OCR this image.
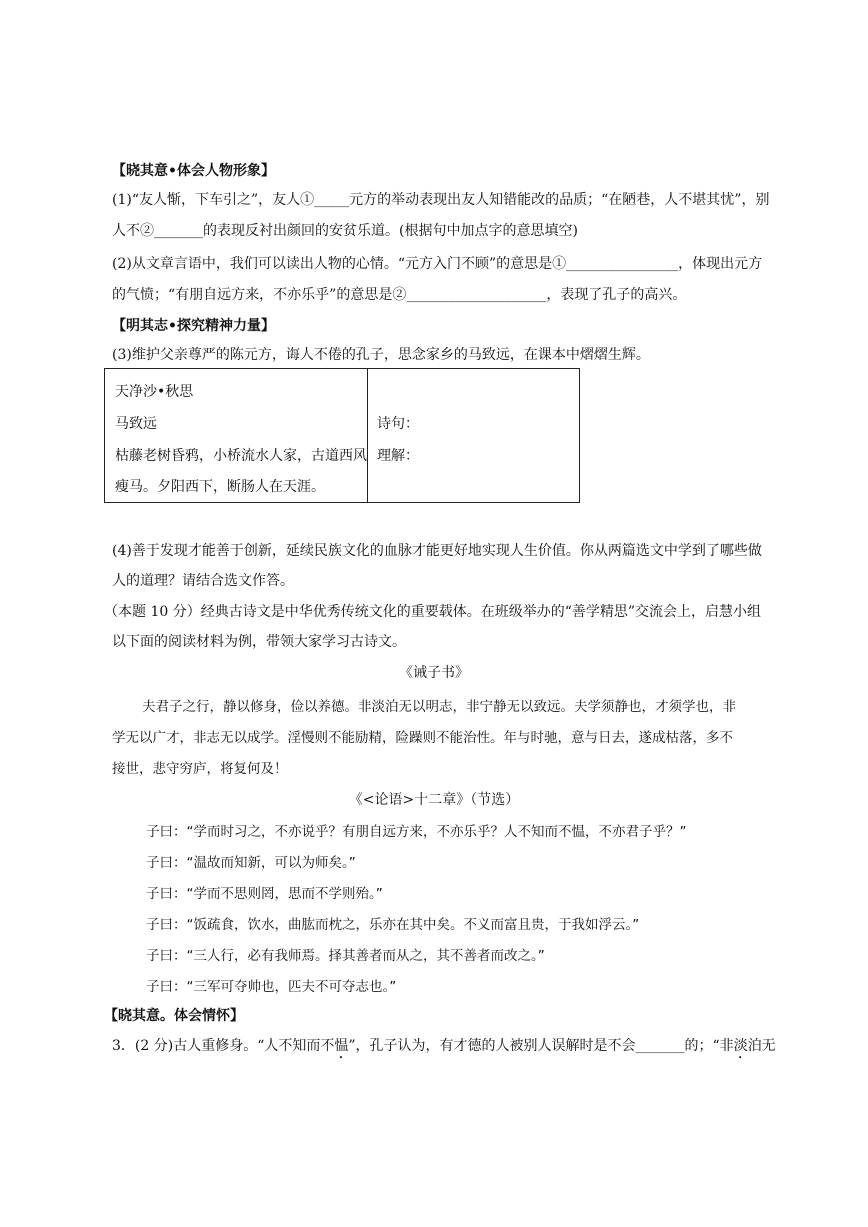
【晓其意•体会人物形象】
(1)“友人惭，下车引之”，友人①_____元方的举动表现出友人知错能改的品质；“在陋巷，人不堪其忧”，别
人不②_______的表现反衬出颜回的安贫乐道。(根据句中加点字的意思填空)
(2)从文章言语中，我们可以读出人物的心情。“元方入门不顾”的意思是①________________，体现出元方
的气愤；“有朋自远方来，不亦乐乎”的意思是②____________________，表现了孔子的高兴。
【明其志•探究精神力量】
(3)维护父亲尊严的陈元方，诲人不倦的孔子，思念家乡的马致远，在课本中熠熠生辉。
天净沙•秋思
马致远
枯藤老树昏鸦，小桥流水人家，古道西风
瘦马。夕阳西下，断肠人在天涯。
诗句：
理解：
(4)善于发现才能善于创新，延续民族文化的血脉才能更好地实现人生价值。你从两篇选文中学到了哪些做
人的道理？请结合选文作答。
（本题 10 分）经典古诗文是中华优秀传统文化的重要载体。在班级举办的“善学精思”交流会上，启慧小组
以下面的阅读材料为例，带领大家学习古诗文。
《诫子书》
夫君子之行，静以修身，俭以养德。非淡泊无以明志，非宁静无以致远。夫学须静也，才须学也，非
学无以广才，非志无以成学。淫慢则不能励精，险躁则不能治性。年与时驰，意与日去，遂成枯落，多不
接世，悲守穷庐，将复何及！
《<论语>十二章》（节选）
子曰：“学而时习之，不亦说乎？有朋自远方来，不亦乐乎？人不知而不愠，不亦君子乎？”
子曰：“温故而知新，可以为师矣。”
子曰：“学而不思则罔，思而不学则殆。”
子曰：“饭疏食，饮水，曲肱而枕之，乐亦在其中矣。不义而富且贵，于我如浮云。”
子曰：“三人行，必有我师焉。择其善者而从之，其不善者而改之。”
子曰：“三军可夺帅也，匹夫不可夺志也。”
【晓其意。体会情怀】
3．(2 分)古人重修身。“人不知而不愠”，孔子认为，有才德的人被别人误解时是不会_______的；“非淡泊无
